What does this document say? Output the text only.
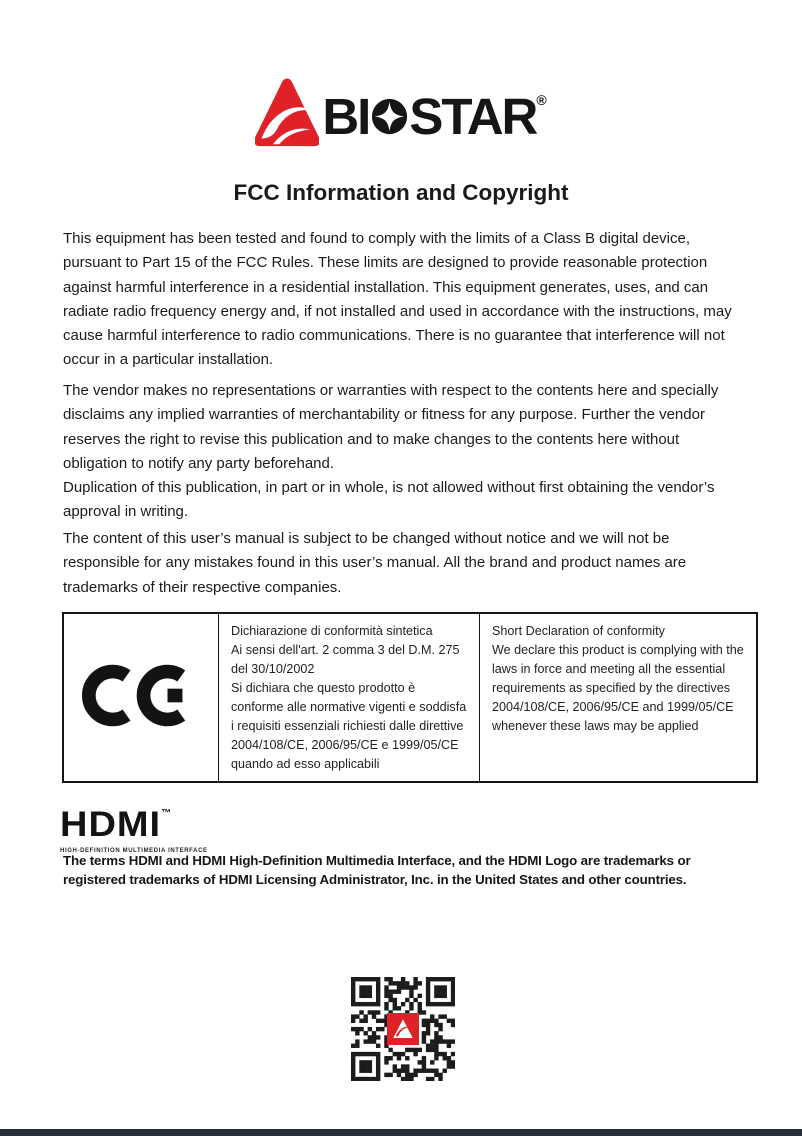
BI STAR®
FCC Information and Copyright

This equipment has been tested and found to comply with the limits of a Class B digital device, pursuant to Part 15 of the FCC Rules. These limits are designed to provide reasonable protection against harmful interference in a residential installation. This equipment generates, uses, and can radiate radio frequency energy and, if not installed and used in accordance with the instructions, may cause harmful interference to radio communications. There is no guarantee that interference will not occur in a particular installation.

The vendor makes no representations or warranties with respect to the contents here and specially disclaims any implied warranties of merchantability or fitness for any purpose. Further the vendor reserves the right to revise this publication and to make changes to the contents here without obligation to notify any party beforehand.

Duplication of this publication, in part or in whole, is not allowed without first obtaining the vendor’s approval in writing.

The content of this user’s manual is subject to be changed without notice and we will not be responsible for any mistakes found in this user’s manual. All the brand and product names are trademarks of their respective companies.

Dichiarazione di conformità sintetica
Ai sensi dell'art. 2 comma 3 del D.M. 275 del 30/10/2002
Si dichiara che questo prodotto è conforme alle normative vigenti e soddisfa i requisiti essenziali richiesti dalle direttive
2004/108/CE, 2006/95/CE e 1999/05/CE
quando ad esso applicabili

Short Declaration of conformity
We declare this product is complying with the laws in force and meeting all the essential requirements as specified by the directives
2004/108/CE, 2006/95/CE and 1999/05/CE
whenever these laws may be applied
HDMI™
HIGH-DEFINITION MULTIMEDIA INTERFACE

The terms HDMI and HDMI High-Definition Multimedia Interface, and the HDMI Logo are trademarks or registered trademarks of HDMI Licensing Administrator, Inc. in the United States and other countries.
